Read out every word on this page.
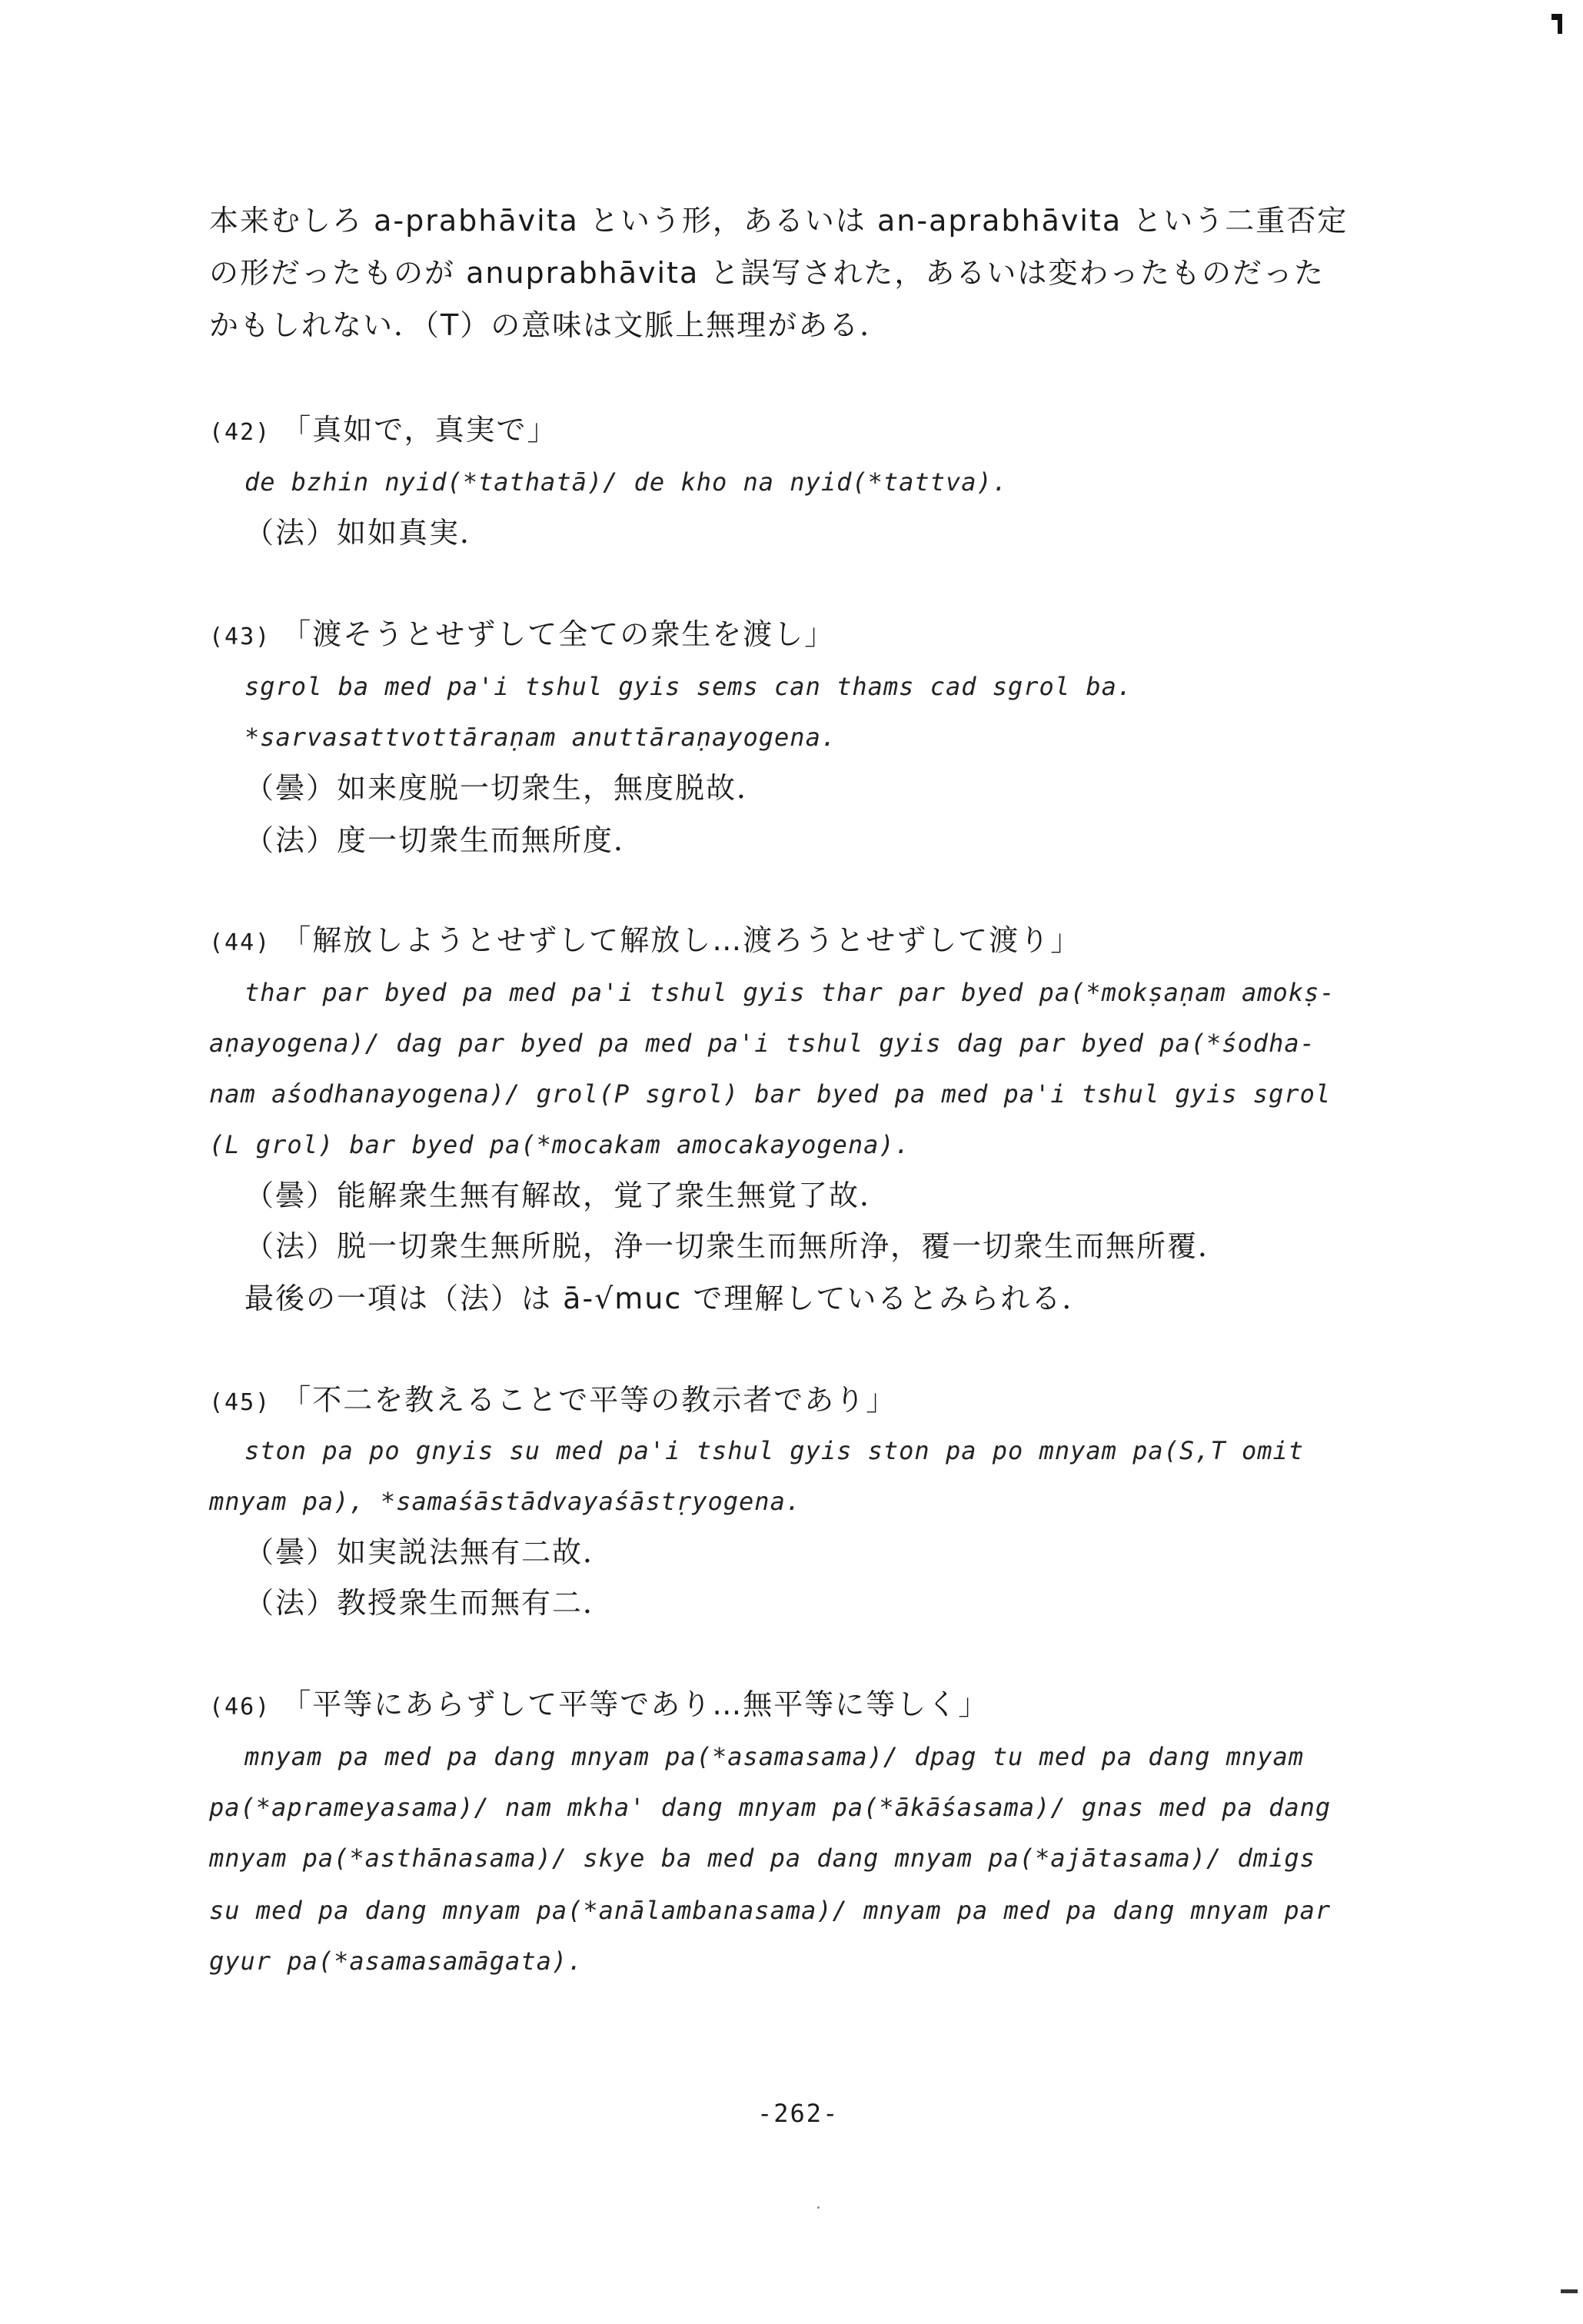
本来むしろ a-prabhāvita という形，あるいは an-aprabhāvita という二重否定
の形だったものが anuprabhāvita と誤写された，あるいは変わったものだった
かもしれない．（T）の意味は文脈上無理がある．
(42) 「真如で，真実で」
de bzhin nyid(*tathatā)/ de kho na nyid(*tattva).
（法）如如真実．
(43) 「渡そうとせずして全ての衆生を渡し」
sgrol ba med pa'i tshul gyis sems can thams cad sgrol ba.
*sarvasattvottāraṇam anuttāraṇayogena.
（曇）如来度脱一切衆生，無度脱故．
（法）度一切衆生而無所度．
(44) 「解放しようとせずして解放し…渡ろうとせずして渡り」
thar par byed pa med pa'i tshul gyis thar par byed pa(*mokṣaṇam amokṣ-
aṇayogena)/ dag par byed pa med pa'i tshul gyis dag par byed pa(*śodha-
nam aśodhanayogena)/ grol(P sgrol) bar byed pa med pa'i tshul gyis sgrol
(L grol) bar byed pa(*mocakam amocakayogena).
（曇）能解衆生無有解故，覚了衆生無覚了故．
（法）脱一切衆生無所脱，浄一切衆生而無所浄，覆一切衆生而無所覆．
最後の一項は（法）は ā-√muc で理解しているとみられる．
(45) 「不二を教えることで平等の教示者であり」
ston pa po gnyis su med pa'i tshul gyis ston pa po mnyam pa(S,T omit
mnyam pa), *samaśāstādvayaśāstṛyogena.
（曇）如実説法無有二故．
（法）教授衆生而無有二．
(46) 「平等にあらずして平等であり…無平等に等しく」
mnyam pa med pa dang mnyam pa(*asamasama)/ dpag tu med pa dang mnyam
pa(*aprameyasama)/ nam mkha' dang mnyam pa(*ākāśasama)/ gnas med pa dang
mnyam pa(*asthānasama)/ skye ba med pa dang mnyam pa(*ajātasama)/ dmigs
su med pa dang mnyam pa(*anālambanasama)/ mnyam pa med pa dang mnyam par
gyur pa(*asamasamāgata).
-262-
